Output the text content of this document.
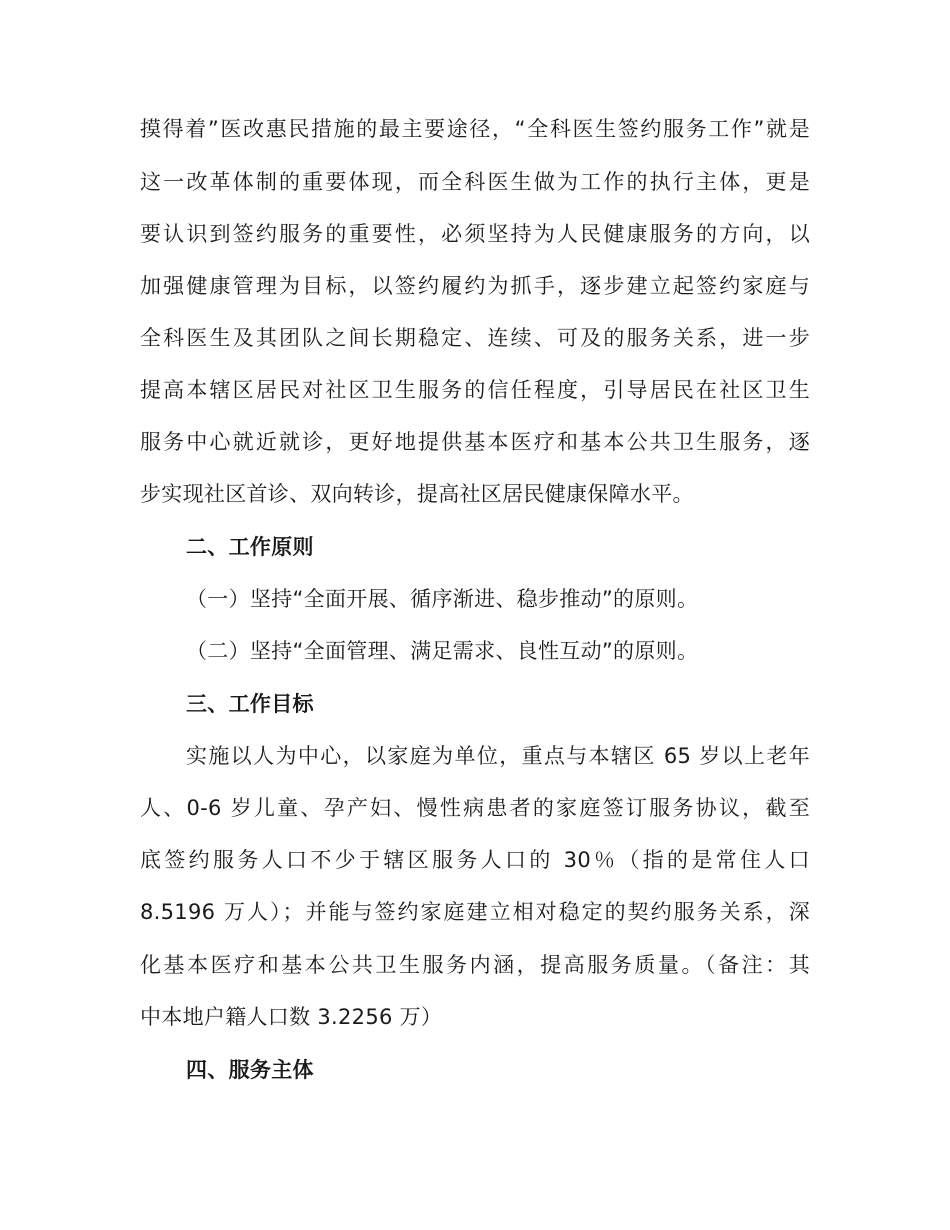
摸得着”医改惠民措施的最主要途径，“全科医生签约服务工作”就是
这一改革体制的重要体现，而全科医生做为工作的执行主体，更是
要认识到签约服务的重要性，必须坚持为人民健康服务的方向，以
加强健康管理为目标，以签约履约为抓手，逐步建立起签约家庭与
全科医生及其团队之间长期稳定、连续、可及的服务关系，进一步
提高本辖区居民对社区卫生服务的信任程度，引导居民在社区卫生
服务中心就近就诊，更好地提供基本医疗和基本公共卫生服务，逐
步实现社区首诊、双向转诊，提高社区居民健康保障水平。
二、工作原则
（一）坚持“全面开展、循序渐进、稳步推动”的原则。
（二）坚持“全面管理、满足需求、良性互动”的原则。
三、工作目标
实施以人为中心，以家庭为单位，重点与本辖区 65 岁以上老年
人、0-6 岁儿童、孕产妇、慢性病患者的家庭签订服务协议，截至
底签约服务人口不少于辖区服务人口的 30％（指的是常住人口
8.5196 万人）；并能与签约家庭建立相对稳定的契约服务关系，深
化基本医疗和基本公共卫生服务内涵，提高服务质量。（备注：其
中本地户籍人口数 3.2256 万）
四、服务主体
